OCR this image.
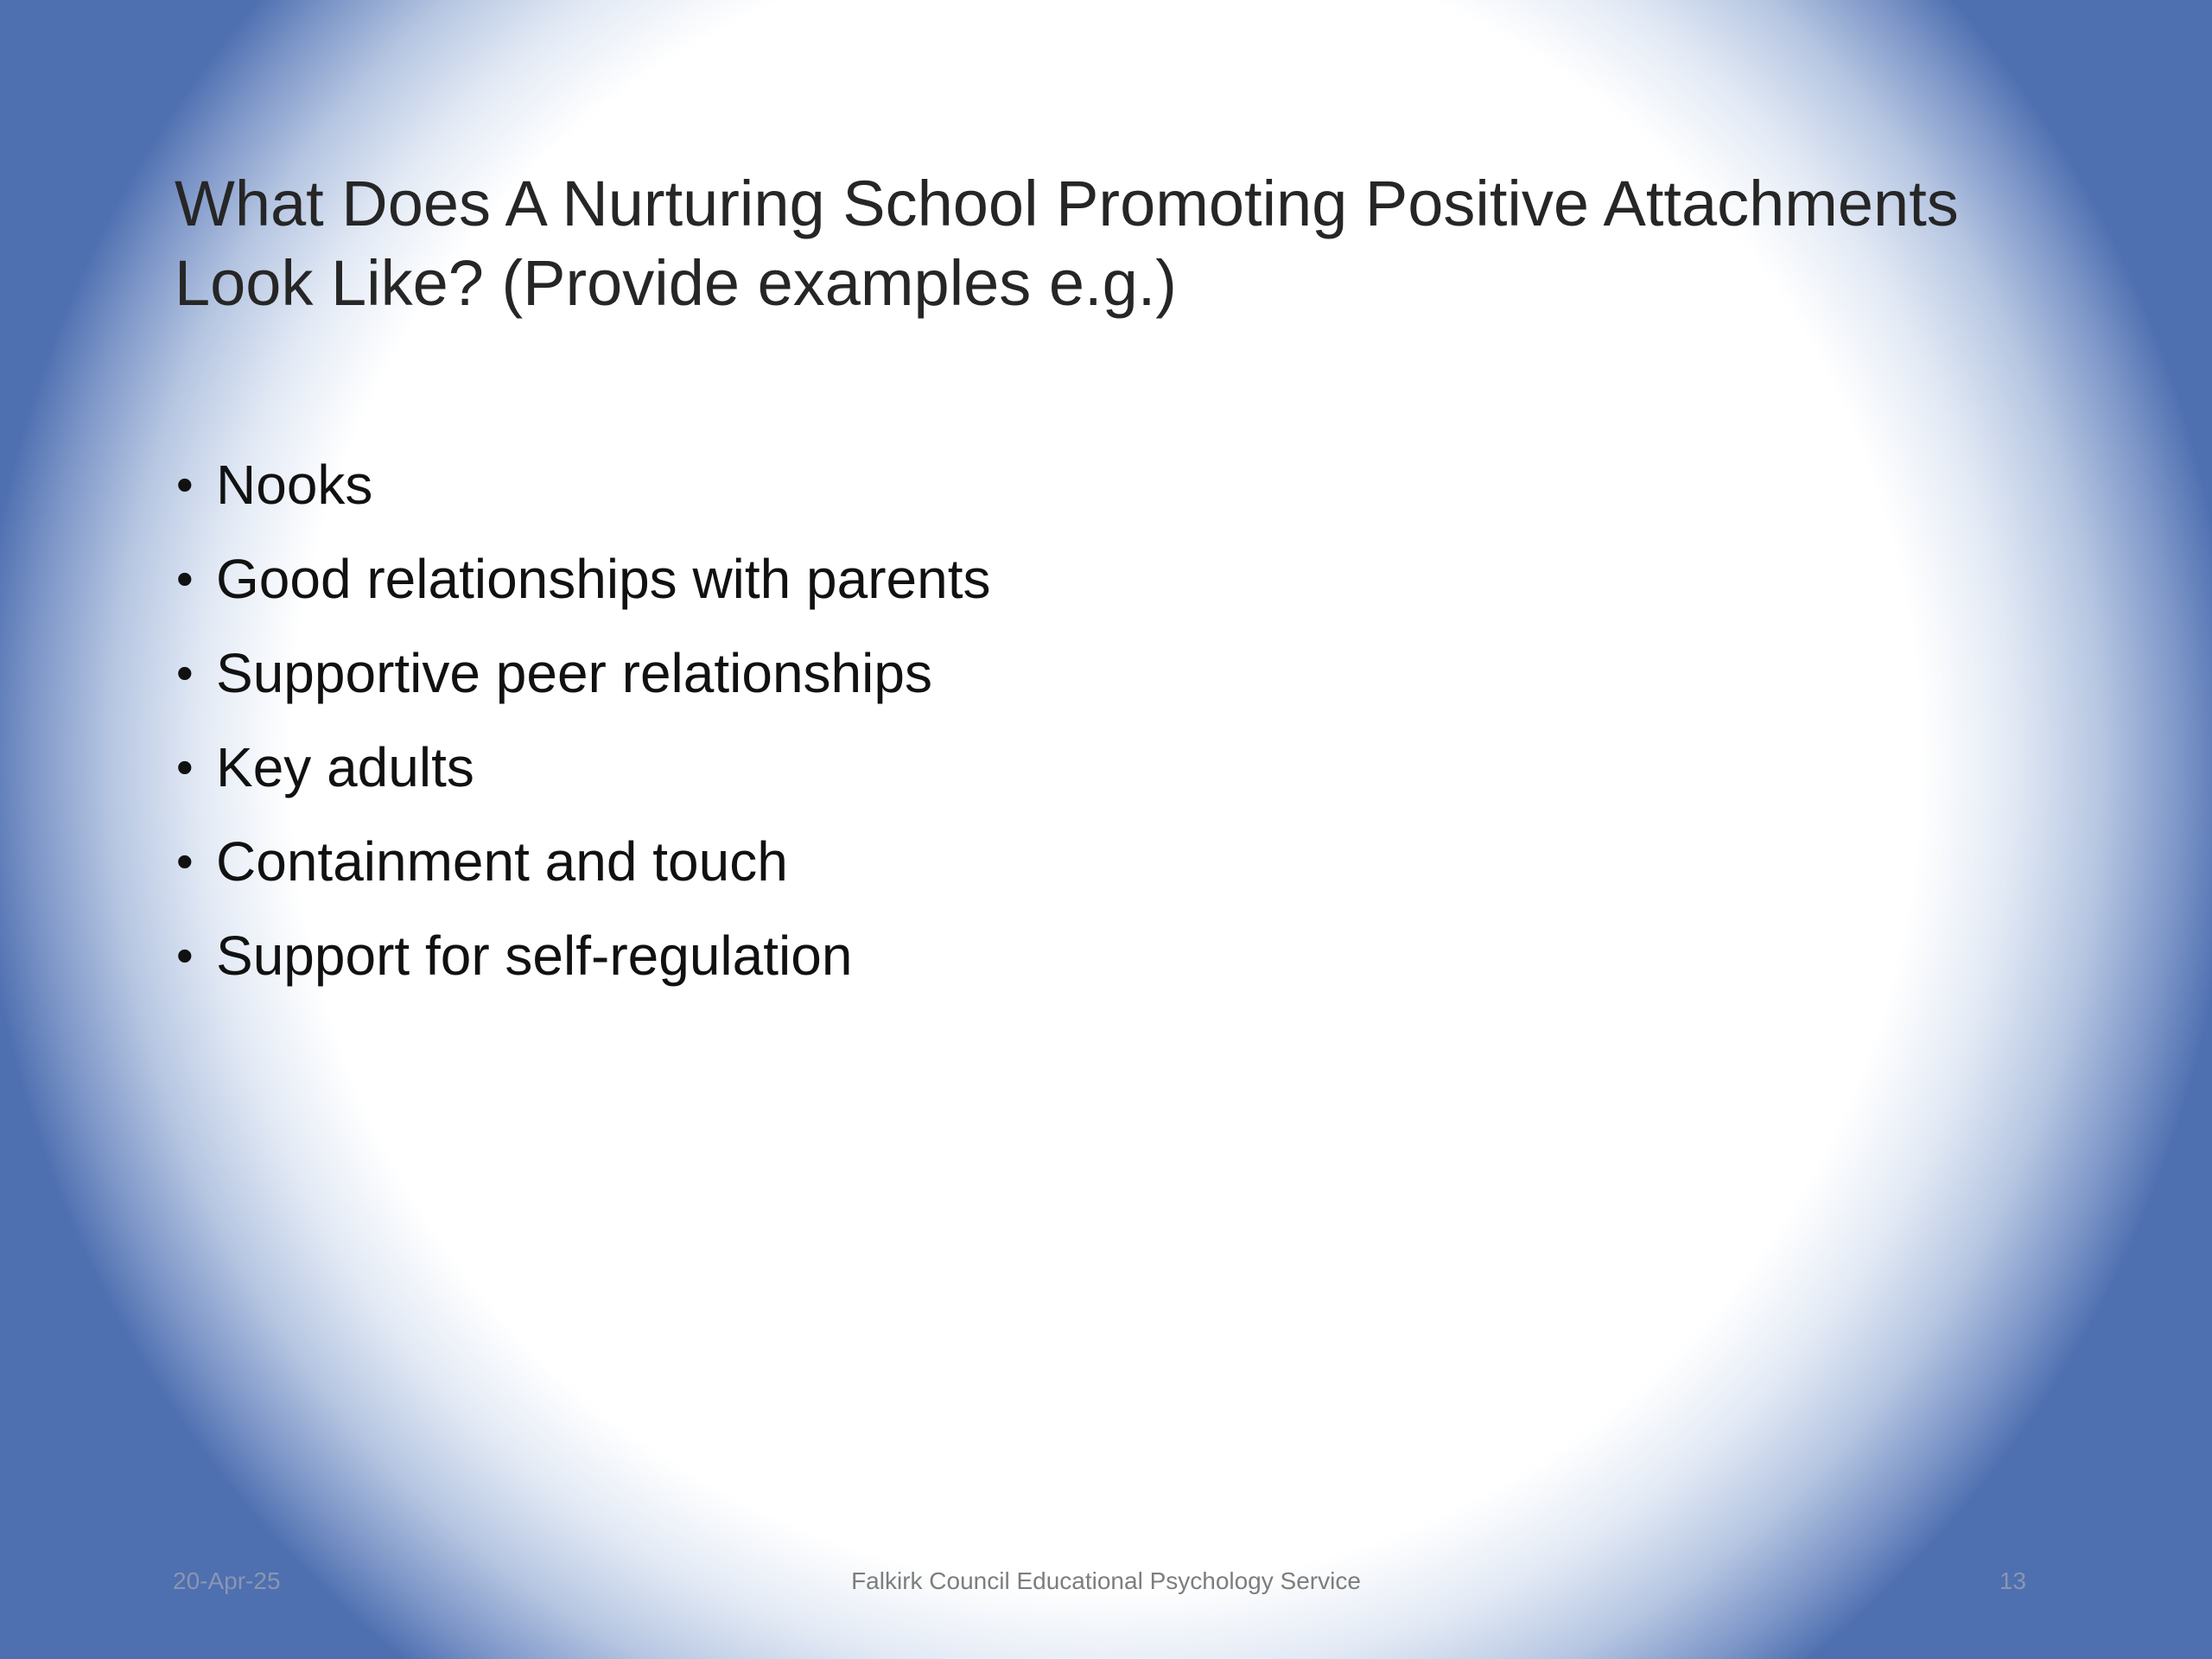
What Does A Nurturing School Promoting Positive Attachments
Look Like? (Provide examples e.g.)
• Nooks
• Good relationships with parents
• Supportive peer relationships
• Key adults
• Containment and touch
• Support for self-regulation
20-Apr-25	Falkirk Council Educational Psychology Service	13
